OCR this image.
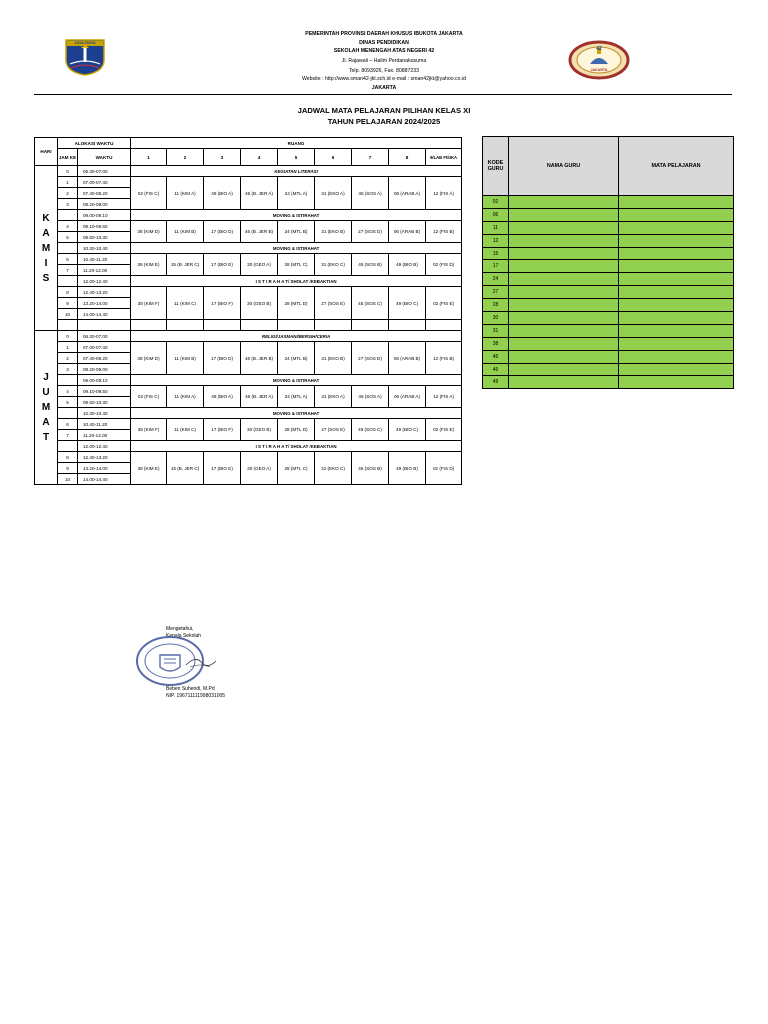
JAYA RAYA
42
JAKARTA
PEMERINTAH PROVINSI DAERAH KHUSUS IBUKOTA JAKARTA
DINAS PENDIDIKAN
SEKOLAH MENENGAH ATAS NEGERI 42
Jl. Rajawali – Halim Perdanakusuma
Telp. 8093926, Fax. 80887233
Website : http://www.sman42-jkt.sch.id e-mail : sman42jkt@yahoo.co.id
JAKARTA
JADWAL MATA PELAJARAN PILIHAN KELAS XI
TAHUN PELAJARAN 2024/2025
HARI	ALOKASI WAKTU		RUANG								
	JAM KE	WAKTU	1	2	3	4	5	6	7	8	9/LAB FISIKA
K A M I S	0	06.30-07.00	KEGIATAN LITERASI								
	1	07.00-07.40	02 (FIS C)	11 (KIM A)	49 (BIO A)	46 (B. JER A)	24 (MTL A)	31 (EKO A)	45 (SOS A)	06 (ARAB A)	12 (FIS A)
	2	07.40-08.20									
	3	08.20-09.00									
		09.00-09.10	MOVING & ISTIRAHAT								
	4	09.10-09.50	38 (KIM D)	11 (KIM B)	17 (BIO D)	46 (B. JER B)	24 (MTL B)	31 (EKO B)	27 (SOS D)	06 (ARAB B)	12 (FIS B)
	5	09.50-10.30									
		10.30-10.40	MOVING & ISTIRAHAT								
	6	10.40-11.20	38 (KIM E)	15 (B. JER C)	17 (BIO E)	30 (GEO A)	28 (MTL C)	31 (EKO C)	45 (SOS B)	49 (BIO B)	02 (FIS D)
	7	11.20-12.00									
		12.00-12.40	I S T I R A H A T/ SHOLAT /KEBAKTIAN								
	8	12.40-13.20	38 (KIM F)	11 (KIM C)	17 (BIO F)	30 (GEO B)	28 (MTL D)	27 (SOS E)	45 (SOS C)	49 (BIO C)	02 (FIS E)
	9	13.20-14.00									
	10	14.00-14.40									

J U M A T	0	06.30-07.00	RELIGI/JASMANI/BERSIH/CERIA								
	1	07.00-07.40	38 (KIM D)	11 (KIM B)	17 (BIO D)	46 (B. JER B)	24 (MTL B)	31 (EKO B)	27 (SOS D)	06 (ARAB B)	12 (FIS B)
	2	07.40-08.20									
	3	08.20-09.00									
		09.00-09.10	MOVING & ISTIRAHAT								
	4	09.10-09.50	02 (FIS C)	11 (KIM A)	49 (BIO A)	46 (B. JER A)	24 (MTL A)	31 (EKO A)	45 (SOS A)	06 (ARAB A)	12 (FIS A)
	5	09.50-10.30									
		10.30-10.40	MOVING & ISTIRAHAT								
	6	10.40-11.20	38 (KIM F)	11 (KIM C)	17 (BIO F)	30 (GEO B)	28 (MTL D)	27 (SOS E)	45 (SOS C)	49 (BIO C)	02 (FIS E)
	7	11.20-12.00									
		12.00-12.40	I S T I R A H A T/ SHOLAT /KEBAKTIAN								
	8	12.40-13.20	38 (KIM E)	15 (B. JER C)	17 (BIO E)	30 (GEO A)	28 (MTL C)	31 (EKO C)	45 (SOS B)	49 (BIO B)	02 (FIS D)
	9	13.20-14.00									
	10	14.00-14.40									
KODE GURU	NAMA GURU	MATA PELAJARAN
02		
06		
11		
12		
15		
17		
24		
27		
28		
30		
31		
38		
45		
46		
49		
Mengetahui,
Kepala Sekolah
Beben Suhendi, M.Pd
NIP. 196711111998031005
